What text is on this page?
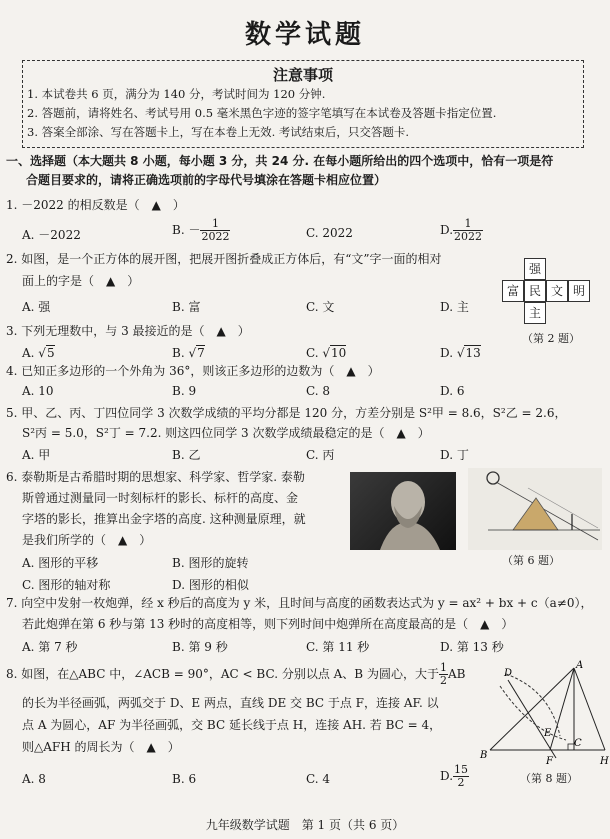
数学试题
注意事项
1. 本试卷共 6 页，满分为 140 分，考试时间为 120 分钟.
2. 答题前，请将姓名、考试号用 0.5 毫米黑色字迹的签字笔填写在本试卷及答题卡指定位置.
3. 答案全部涂、写在答题卡上，写在本卷上无效. 考试结束后，只交答题卡.
一、选择题（本大题共 8 小题，每小题 3 分，共 24 分. 在每小题所给出的四个选项中，恰有一项是符
合题目要求的，请将正确选项前的字母代号填涂在答题卡相应位置）
1. －2022 的相反数是（　▲　）
A. －2022	B. － $\frac{1}{2022}$	C. 2022	D. $\frac{1}{2022}$
2. 如图，是一个正方体的展开图，把展开图折叠成正方体后，有“文”字一面的相对
面上的字是（　▲　）
A. 强	B. 富	C. 文	D. 主
强
富 民 文 明
主
（第 2 题）
3. 下列无理数中，与 3 最接近的是（　▲　）
A. √5	B. √7	C. √10	D. √13
4. 已知正多边形的一个外角为 36°，则该正多边形的边数为（　▲　）
A. 10	B. 9	C. 8	D. 6
5. 甲、乙、丙、丁四位同学 3 次数学成绩的平均分都是 120 分，方差分别是 S²甲 = 8.6，S²乙 = 2.6，
S²丙 = 5.0，S²丁 = 7.2. 则这四位同学 3 次数学成绩最稳定的是（　▲　）
A. 甲	B. 乙	C. 丙	D. 丁
6. 泰勒斯是古希腊时期的思想家、科学家、哲学家. 泰勒
斯曾通过测量同一时刻标杆的影长、标杆的高度、金
字塔的影长，推算出金字塔的高度. 这种测量原理，就
是我们所学的（　▲　）
A. 图形的平移	B. 图形的旋转
C. 图形的轴对称	D. 图形的相似
（第 6 题）
7. 向空中发射一枚炮弹，经 x 秒后的高度为 y 米，且时间与高度的函数表达式为 y = ax² + bx + c（a≠0），
若此炮弹在第 6 秒与第 13 秒时的高度相等，则下列时间中炮弹所在高度最高的是（　▲　）
A. 第 7 秒	B. 第 9 秒	C. 第 11 秒	D. 第 13 秒
8. 如图，在△ABC 中，∠ACB = 90°，AC < BC. 分别以点 A、B 为圆心，大于 $\frac{1}{2}$ AB
的长为半径画弧，两弧交于 D、E 两点，直线 DE 交 BC 于点 F，连接 AF. 以
点 A 为圆心，AF 为半径画弧，交 BC 延长线于点 H，连接 AH. 若 BC = 4，
则△AFH 的周长为（　▲　）
A. 8	B. 6	C. 4	D. $\frac{15}{2}$
A
B
C
D
E
F	H
（第 8 题）
九年级数学试题　第 1 页（共 6 页）
